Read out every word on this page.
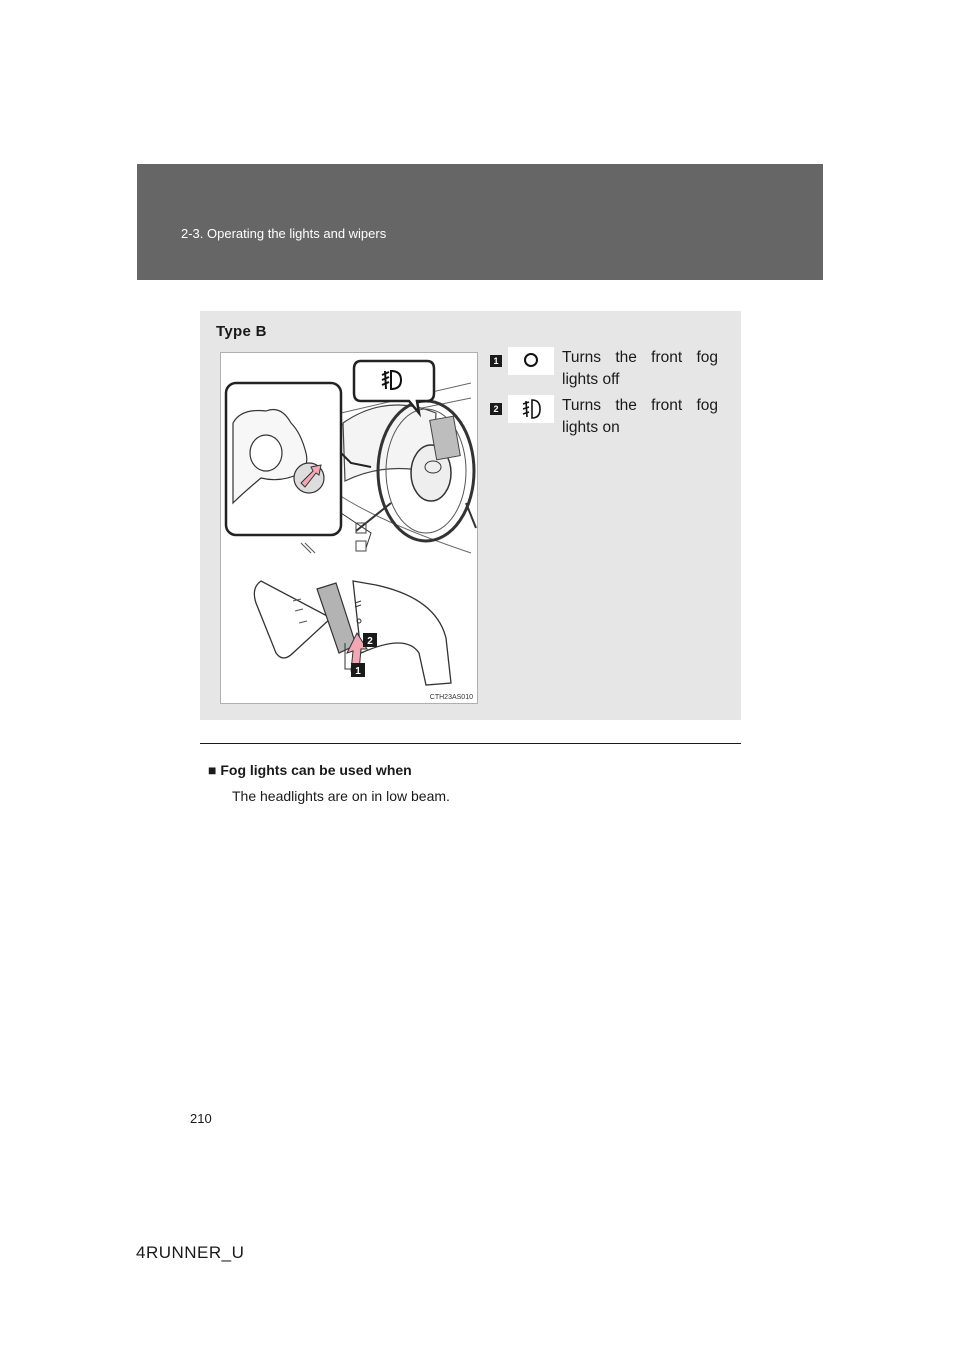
2-3. Operating the lights and wipers
Type B
2
1
CTH23AS010
1	Turns the front fog lights off
2	Turns the front fog lights on
■ Fog lights can be used when
The headlights are on in low beam.
210
4RUNNER_U
